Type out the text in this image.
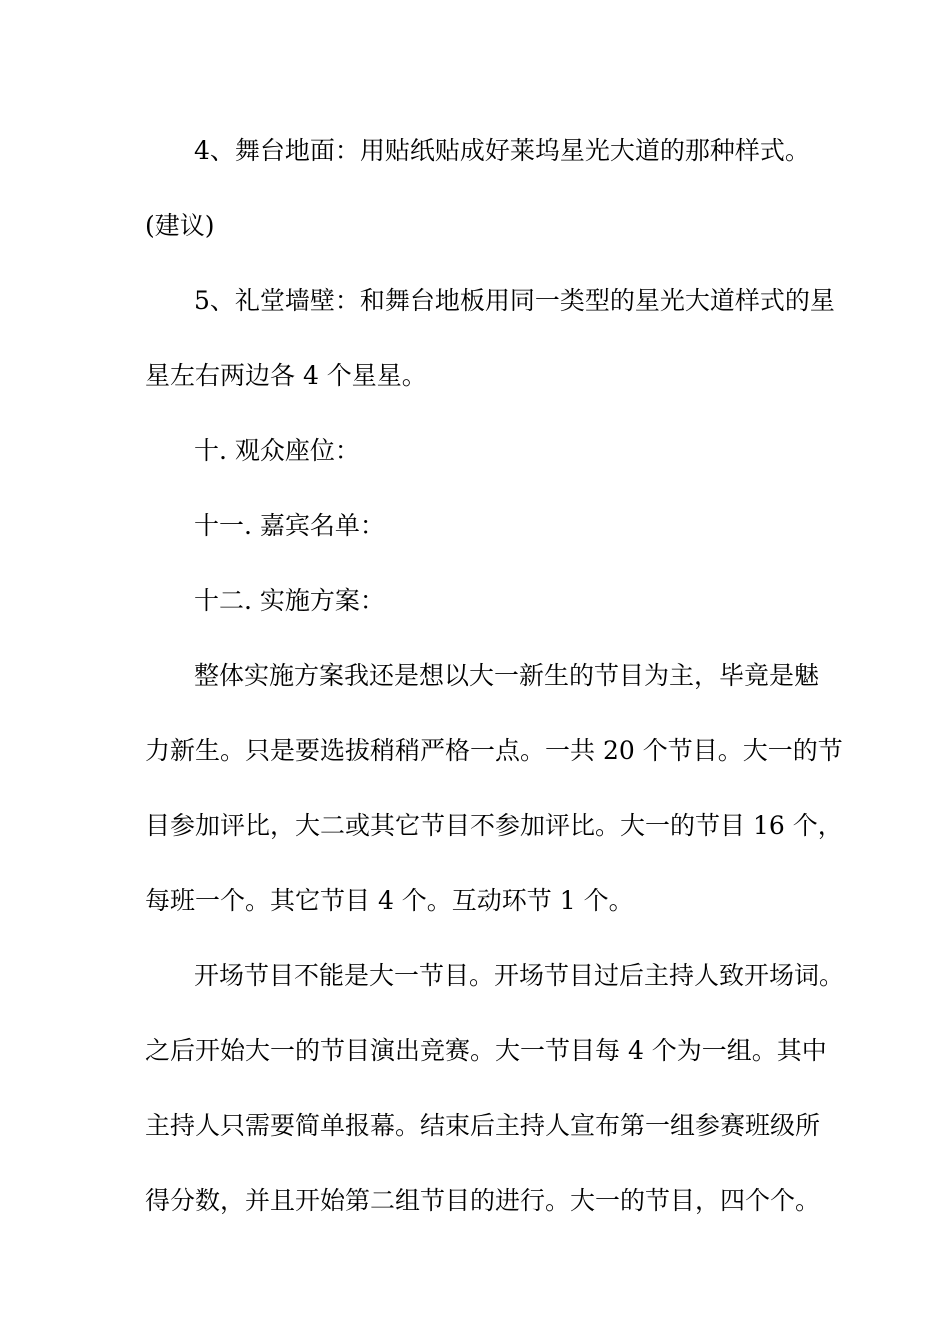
4、舞台地面：用贴纸贴成好莱坞星光大道的那种样式。
(建议)
5、礼堂墙壁：和舞台地板用同一类型的星光大道样式的星
星左右两边各 4 个星星。
十. 观众座位：
十一. 嘉宾名单：
十二. 实施方案：
整体实施方案我还是想以大一新生的节目为主，毕竟是魅
力新生。只是要选拔稍稍严格一点。一共 20 个节目。大一的节
目参加评比，大二或其它节目不参加评比。大一的节目 16 个，
每班一个。其它节目 4 个。互动环节 1 个。
开场节目不能是大一节目。开场节目过后主持人致开场词。
之后开始大一的节目演出竞赛。大一节目每 4 个为一组。其中
主持人只需要简单报幕。结束后主持人宣布第一组参赛班级所
得分数，并且开始第二组节目的进行。大一的节目，四个个。
